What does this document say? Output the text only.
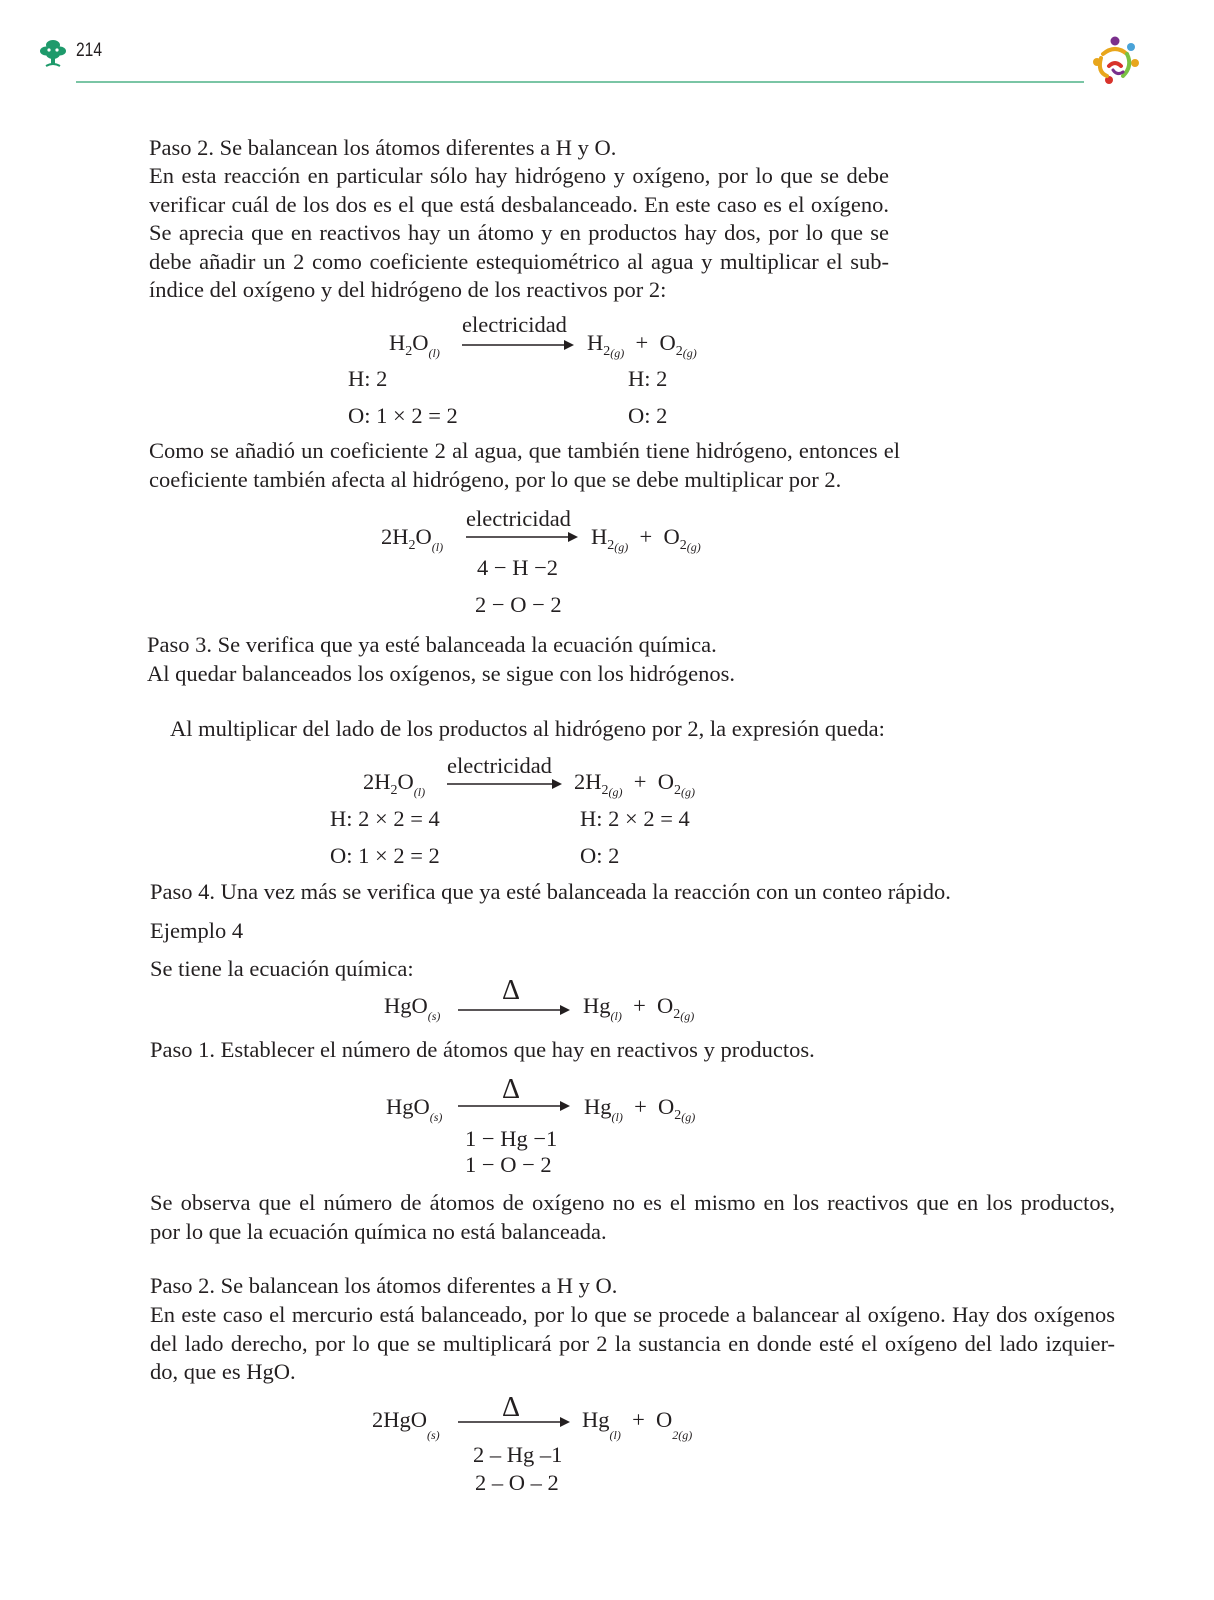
214
Paso 2. Se balancean los átomos diferentes a H y O.
En esta reacción en particular sólo hay hidrógeno y oxígeno, por lo que se debe
verificar cuál de los dos es el que está desbalanceado. En este caso es el oxígeno.
Se aprecia que en reactivos hay un átomo y en productos hay dos, por lo que se
debe añadir un 2 como coeficiente estequiométrico al agua y multiplicar el sub-
índice del oxígeno y del hidrógeno de los reactivos por 2:
$H_2O_{(l)}$
electricidad
$H_{2(g)} + O_{2(g)}$
H: 2
O: 1 × 2 = 2
H: 2
O: 2
Como se añadió un coeficiente 2 al agua, que también tiene hidrógeno, entonces el
coeficiente también afecta al hidrógeno, por lo que se debe multiplicar por 2.
$2H_2O_{(l)}$
electricidad
$H_{2(g)} + O_{2(g)}$
4 − H −2
2 − O − 2
Paso 3. Se verifica que ya esté balanceada la ecuación química.
Al quedar balanceados los oxígenos, se sigue con los hidrógenos.
Al multiplicar del lado de los productos al hidrógeno por 2, la expresión queda:
$2H_2O_{(l)}$
electricidad
$2H_{2(g)} + O_{2(g)}$
H: 2 × 2 = 4
O: 1 × 2 = 2
H: 2 × 2 = 4
O: 2
Paso 4. Una vez más se verifica que ya esté balanceada la reacción con un conteo rápido.
Ejemplo 4
Se tiene la ecuación química:
HgO$_{(s)}$
Δ	$Hg_{(l)} + O_{2(g)}$
Paso 1. Establecer el número de átomos que hay en reactivos y productos.
HgO$_{(s)}$
Δ
$Hg_{(l)} + O_{2(g)}$
1 − Hg −1
1 − O − 2
Se observa que el número de átomos de oxígeno no es el mismo en los reactivos que en los productos,
por lo que la ecuación química no está balanceada.
Paso 2. Se balancean los átomos diferentes a H y O.
En este caso el mercurio está balanceado, por lo que se procede a balancear al oxígeno. Hay dos oxígenos
del lado derecho, por lo que se multiplicará por 2 la sustancia en donde esté el oxígeno del lado izquier-
do, que es HgO.
2HgO$_{(s)}$
Δ	$Hg_{(l)} + O_{2(g)}$
2 – Hg –1
2 – O – 2
